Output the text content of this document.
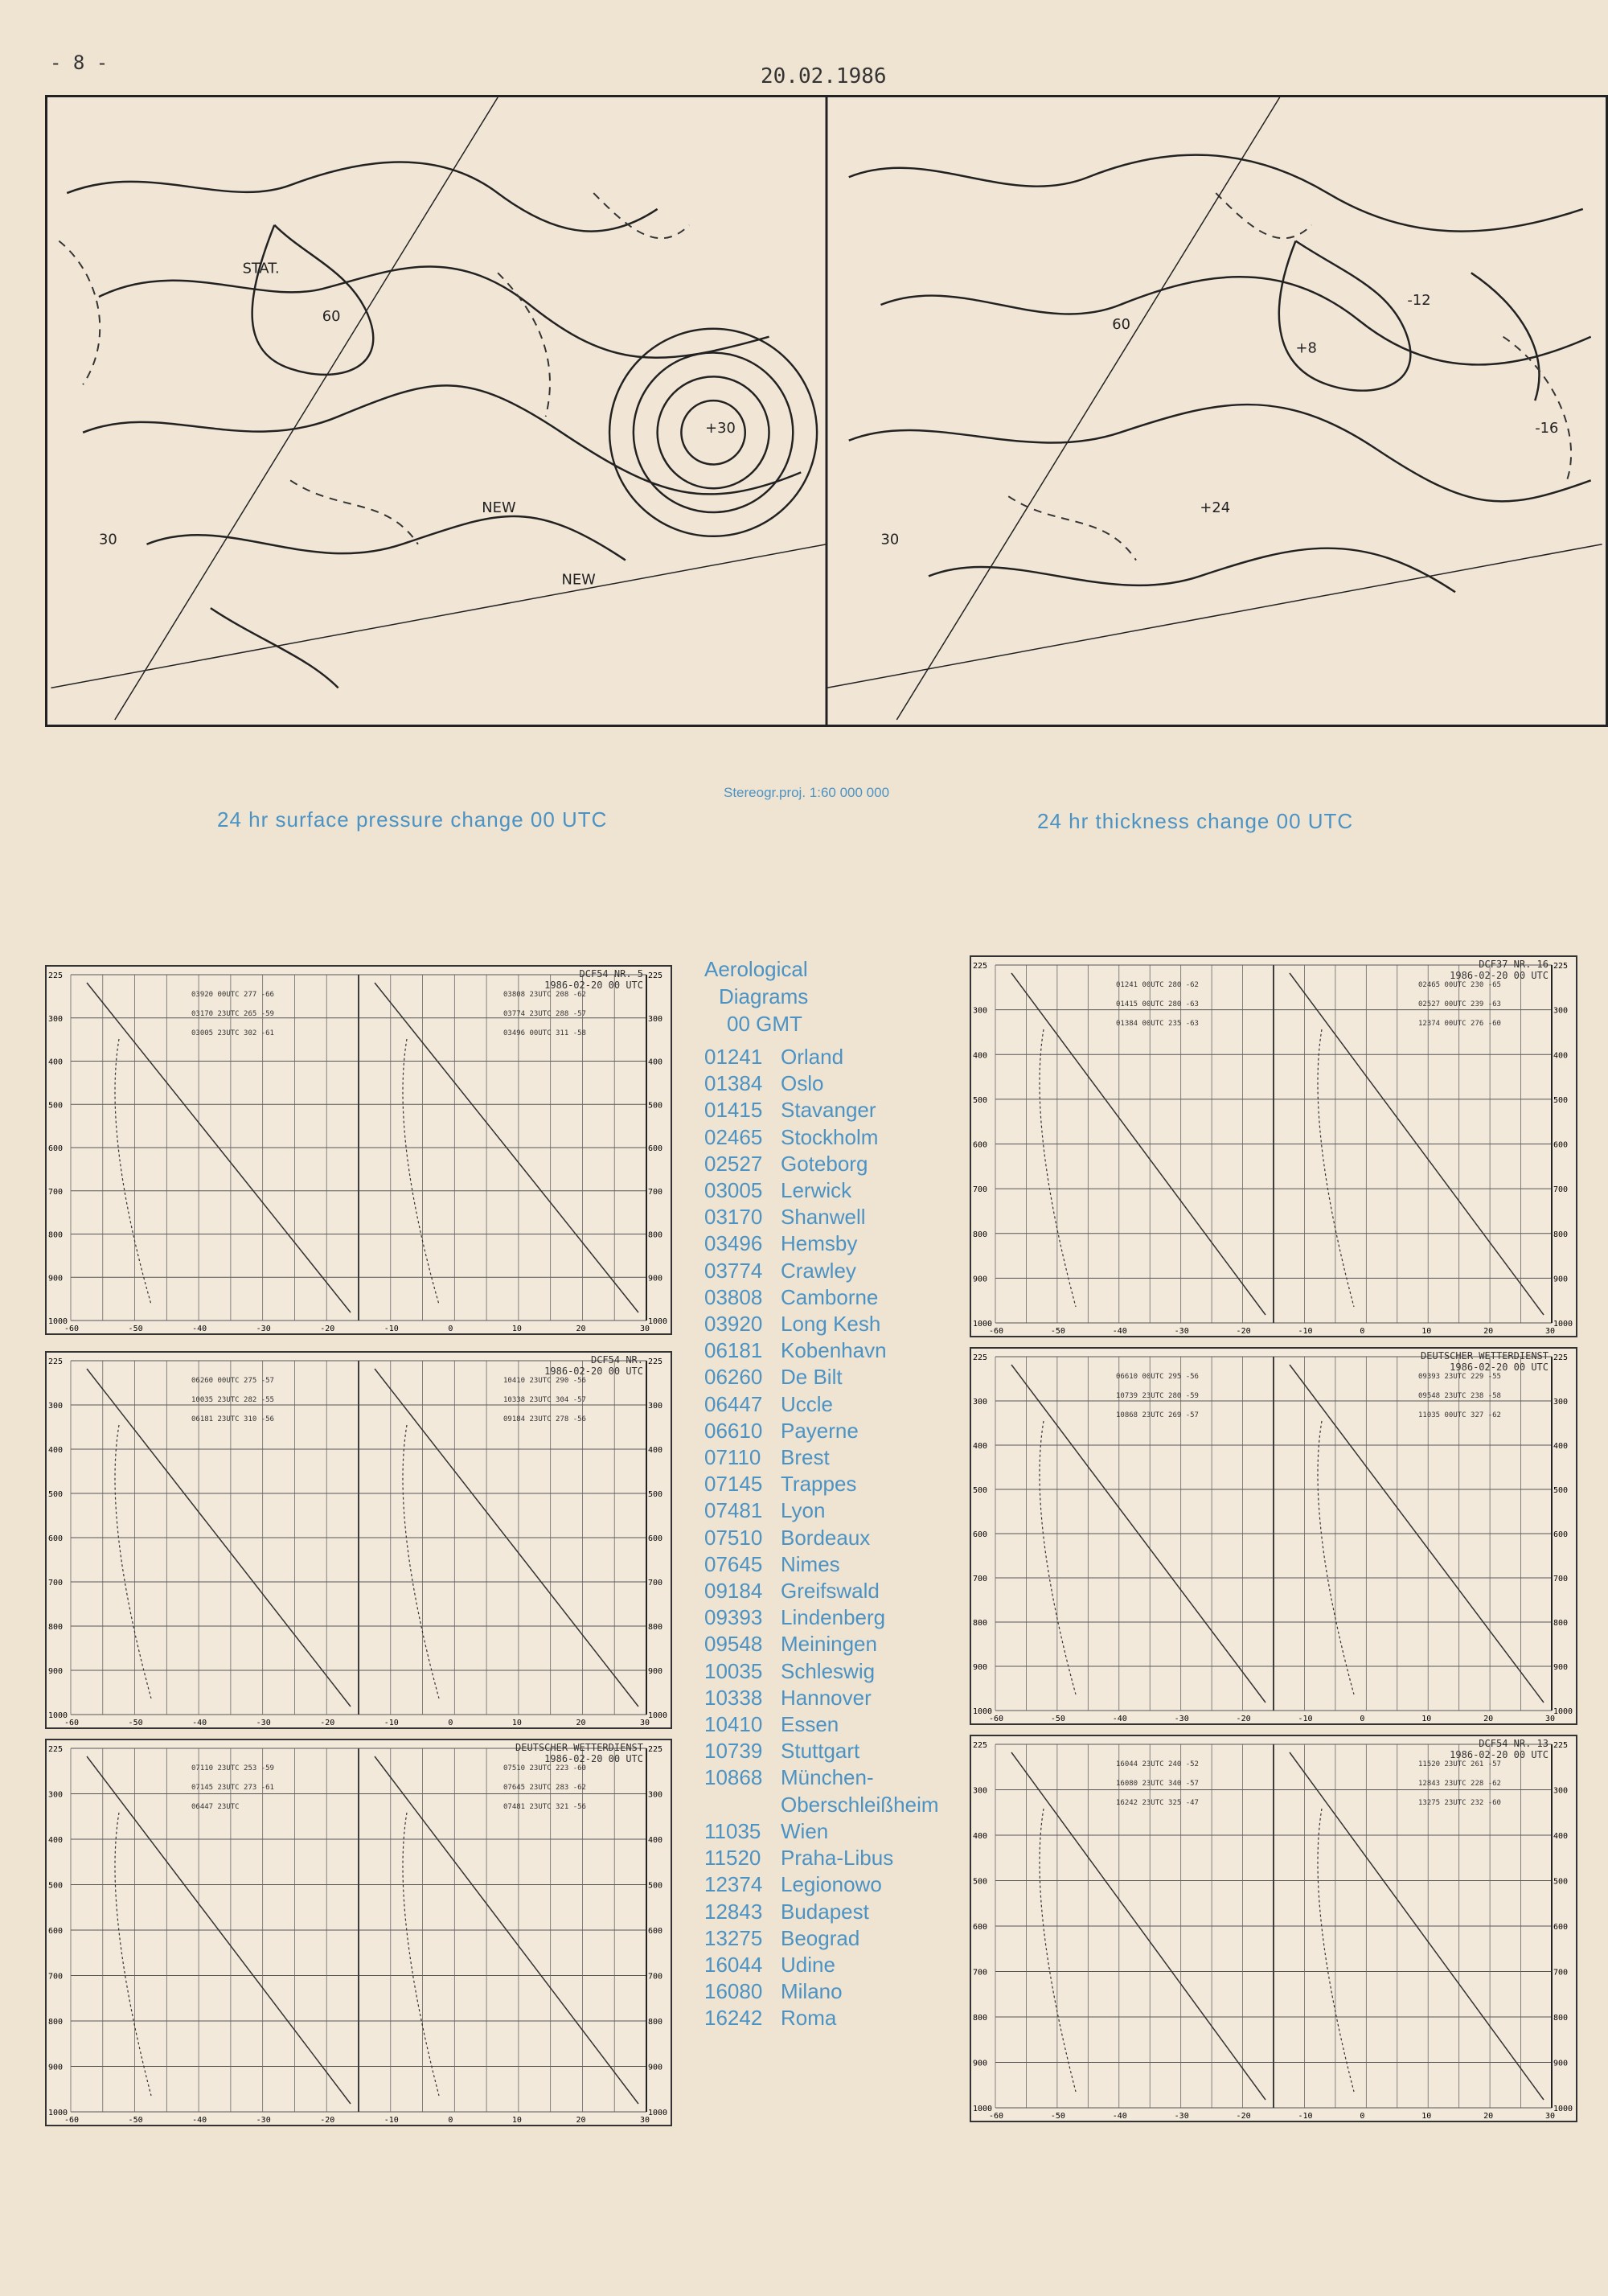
- 8 -
20.02.1986
STAT.
NEW
NEW
+30
60
30	30
60
+24
-12
-16
+8
24 hr surface pressure change 00 UTC
Stereogr.proj. 1:60 000 000
24 hr thickness change 00 UTC
225	225
300	300
400	400
500	500
600	600
700	700
800	800
900	900
1000	1000
-60	-50	-40	-30	-20	-10	0	10	20	30
DCF54 NR. 5
1986-02-20 00 UTC
03920 00UTC 277 -66
03170 23UTC 265 -59
03005 23UTC 302 -61
03808 23UTC 208 -62
03774 23UTC 288 -57
03496 00UTC 311 -58
225	225
300	300
400	400
500	500
600	600
700	700
800	800
900	900
1000	1000
-60	-50	-40	-30	-20	-10	0	10	20	30
DCF54 NR.
1986-02-20 00 UTC
06260 00UTC 275 -57
10035 23UTC 282 -55
06181 23UTC 310 -56
10410 23UTC 290 -56
10338 23UTC 304 -57
09184 23UTC 278 -56
225	225
300	300
400	400
500	500
600	600
700	700
800	800
900	900
1000	1000
-60	-50	-40	-30	-20	-10	0	10	20	30
DEUTSCHER WETTERDIENST
1986-02-20 00 UTC
07110 23UTC 253 -59
07145 23UTC 273 -61
06447 23UTC
07510 23UTC 223 -60
07645 23UTC 283 -62
07481 23UTC 321 -56
225	225
300	300
400	400
500	500
600	600
700	700
800	800
900	900
1000	1000
-60	-50	-40	-30	-20	-10	0	10	20	30
DCF37 NR. 16
1986-02-20 00 UTC
01241 00UTC 280 -62
01415 00UTC 280 -63
01384 00UTC 235 -63
02465 00UTC 230 -65
02527 00UTC 239 -63
12374 00UTC 276 -60
225	225
300	300
400	400
500	500
600	600
700	700
800	800
900	900
1000	1000
-60	-50	-40	-30	-20	-10	0	10	20	30
DEUTSCHER WETTERDIENST
1986-02-20 00 UTC
06610 00UTC 295 -56
10739 23UTC 280 -59
10868 23UTC 269 -57
09393 23UTC 229 -55
09548 23UTC 238 -58
11035 00UTC 327 -62
225	225
300	300
400	400
500	500
600	600
700	700
800	800
900	900
1000	1000
-60	-50	-40	-30	-20	-10	0	10	20	30
DCF54 NR. 13
1986-02-20 00 UTC
16044 23UTC 240 -52
16080 23UTC 340 -57
16242 23UTC 325 -47
11520 23UTC 261 -57
12843 23UTC 228 -62
13275 23UTC 232 -60
Aerological
Diagrams
00 GMT
01241 Orland
01384 Oslo
01415 Stavanger
02465 Stockholm
02527 Goteborg
03005 Lerwick
03170 Shanwell
03496 Hemsby
03774 Crawley
03808 Camborne
03920 Long Kesh
06181 Kobenhavn
06260 De Bilt
06447 Uccle
06610 Payerne
07110 Brest
07145 Trappes
07481 Lyon
07510 Bordeaux
07645 Nimes
09184 Greifswald
09393 Lindenberg
09548 Meiningen
10035 Schleswig
10338 Hannover
10410 Essen
10739 Stuttgart
10868 München-
Oberschleißheim
11035 Wien
11520 Praha-Libus
12374 Legionowo
12843 Budapest
13275 Beograd
16044 Udine
16080 Milano
16242 Roma
